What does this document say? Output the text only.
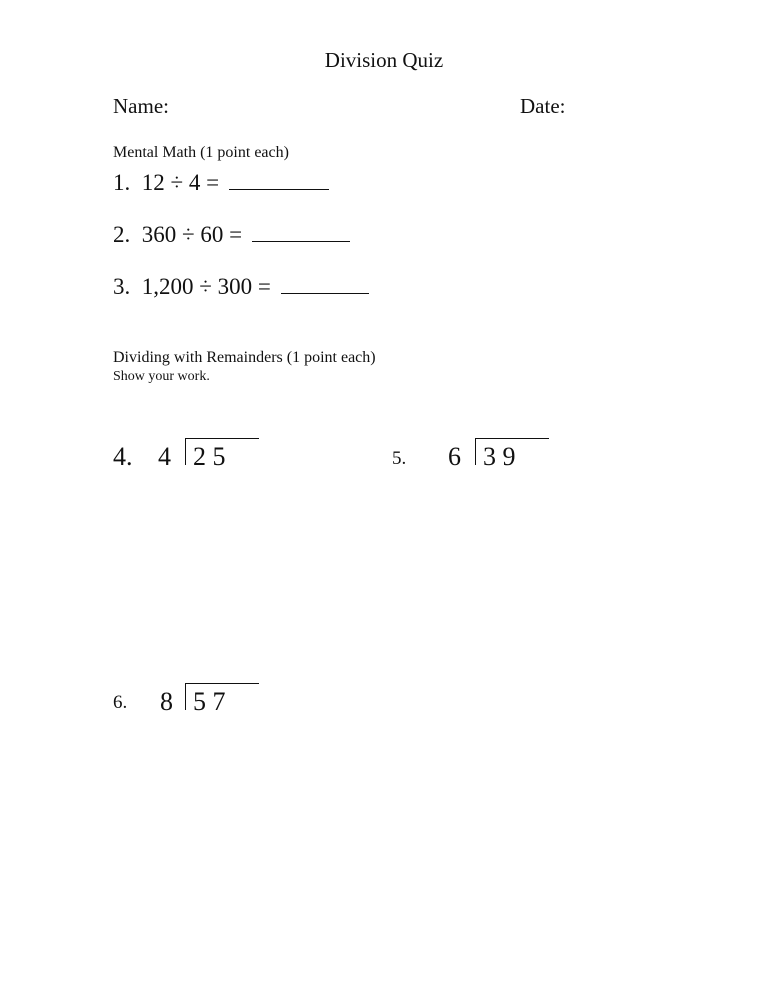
Division Quiz
Name:	Date:
Mental Math (1 point each)
1. 12 ÷ 4 =
2. 360 ÷ 60 =
3. 1,200 ÷ 300 =
Dividing with Remainders (1 point each)
Show your work.
4. 4 2 5	5. 6 3 9
6. 8 5 7
